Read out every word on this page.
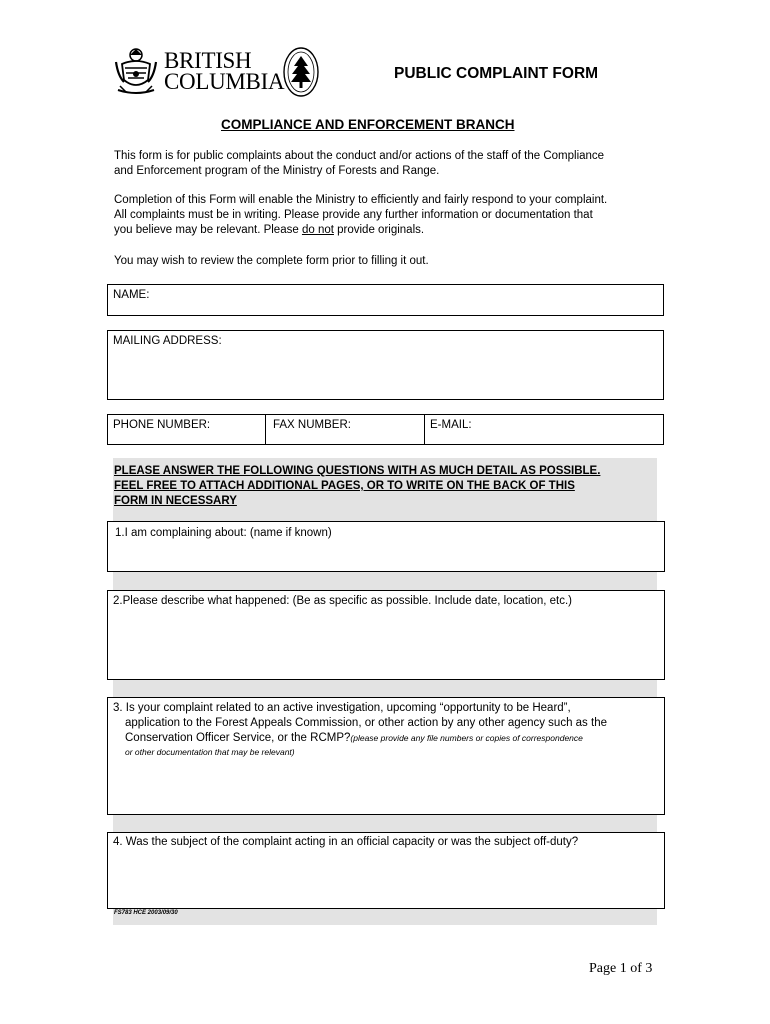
BRITISH
COLUMBIA	PUBLIC COMPLAINT FORM
COMPLIANCE AND ENFORCEMENT BRANCH
This form is for public complaints about the conduct and/or actions of the staff of the Compliance
and Enforcement program of the Ministry of Forests and Range.
Completion of this Form will enable the Ministry to efficiently and fairly respond to your complaint.
All complaints must be in writing. Please provide any further information or documentation that
you believe may be relevant. Please do not provide originals.
You may wish to review the complete form prior to filling it out.
NAME:
MAILING ADDRESS:
PHONE NUMBER:	FAX NUMBER:	E-MAIL:
PLEASE ANSWER THE FOLLOWING QUESTIONS WITH AS MUCH DETAIL AS POSSIBLE.
FEEL FREE TO ATTACH ADDITIONAL PAGES, OR TO WRITE ON THE BACK OF THIS
FORM IN NECESSARY
1.I am complaining about: (name if known)
2.Please describe what happened: (Be as specific as possible. Include date, location, etc.)
3. Is your complaint related to an active investigation, upcoming “opportunity to be Heard”,
application to the Forest Appeals Commission, or other action by any other agency such as the
Conservation Officer Service, or the RCMP?(please provide any file numbers or copies of correspondence
or other documentation that may be relevant)
4. Was the subject of the complaint acting in an official capacity or was the subject off-duty?
FS783 HCE 2003/09/30
Page 1 of 3
